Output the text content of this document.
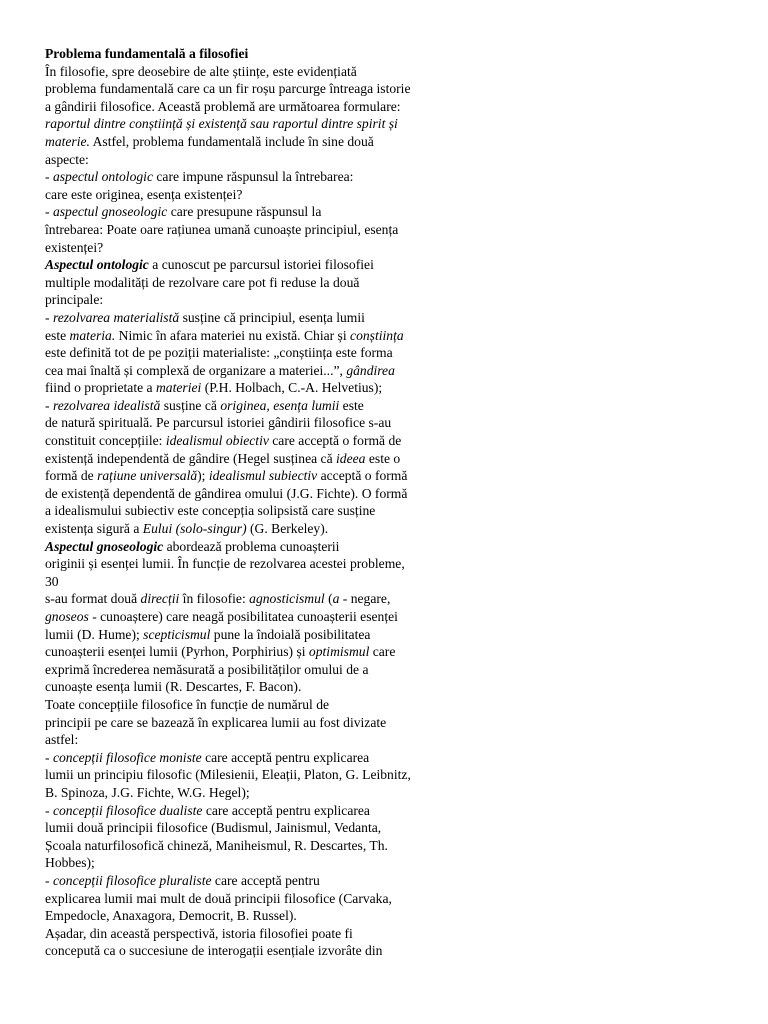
Problema fundamentală a filosofiei
În filosofie, spre deosebire de alte științe, este evidențiată
problema fundamentală care ca un fir roșu parcurge întreaga istorie
a gândirii filosofice. Această problemă are următoarea formulare:
raportul dintre conștiință și existență sau raportul dintre spirit și
materie. Astfel, problema fundamentală include în sine două
aspecte:
- aspectul ontologic care impune răspunsul la întrebarea:
care este originea, esența existenței?
- aspectul gnoseologic care presupune răspunsul la
întrebarea: Poate oare rațiunea umană cunoaște principiul, esența
existenței?
Aspectul ontologic a cunoscut pe parcursul istoriei filosofiei
multiple modalități de rezolvare care pot fi reduse la două
principale:
- rezolvarea materialistă susține că principiul, esența lumii
este materia. Nimic în afara materiei nu există. Chiar și conștiința
este definită tot de pe poziții materialiste: „conștiința este forma
cea mai înaltă și complexă de organizare a materiei...”, gândirea
fiind o proprietate a materiei (P.H. Holbach, C.-A. Helvetius);
- rezolvarea idealistă susține că originea, esența lumii este
de natură spirituală. Pe parcursul istoriei gândirii filosofice s-au
constituit concepțiile: idealismul obiectiv care acceptă o formă de
existență independentă de gândire (Hegel susținea că ideea este o
formă de rațiune universală); idealismul subiectiv acceptă o formă
de existență dependentă de gândirea omului (J.G. Fichte). O formă
a idealismului subiectiv este concepția solipsistă care susține
existența sigură a Eului (solo-singur) (G. Berkeley).
Aspectul gnoseologic abordează problema cunoașterii
originii și esenței lumii. În funcție de rezolvarea acestei probleme,
30
s-au format două direcții în filosofie: agnosticismul (a - negare,
gnoseos - cunoaștere) care neagă posibilitatea cunoașterii esenței
lumii (D. Hume); scepticismul pune la îndoială posibilitatea
cunoașterii esenței lumii (Pyrhon, Porphirius) și optimismul care
exprimă încrederea nemăsurată a posibilităților omului de a
cunoaște esența lumii (R. Descartes, F. Bacon).
Toate concepțiile filosofice în funcție de numărul de
principii pe care se bazează în explicarea lumii au fost divizate
astfel:
- concepții filosofice moniste care acceptă pentru explicarea
lumii un principiu filosofic (Milesienii, Eleații, Platon, G. Leibnitz,
B. Spinoza, J.G. Fichte, W.G. Hegel);
- concepții filosofice dualiste care acceptă pentru explicarea
lumii două principii filosofice (Budismul, Jainismul, Vedanta,
Școala naturfilosofică chineză, Maniheismul, R. Descartes, Th.
Hobbes);
- concepții filosofice pluraliste care acceptă pentru
explicarea lumii mai mult de două principii filosofice (Carvaka,
Empedocle, Anaxagora, Democrit, B. Russel).
Așadar, din această perspectivă, istoria filosofiei poate fi
concepută ca o succesiune de interogații esențiale izvorâte din
